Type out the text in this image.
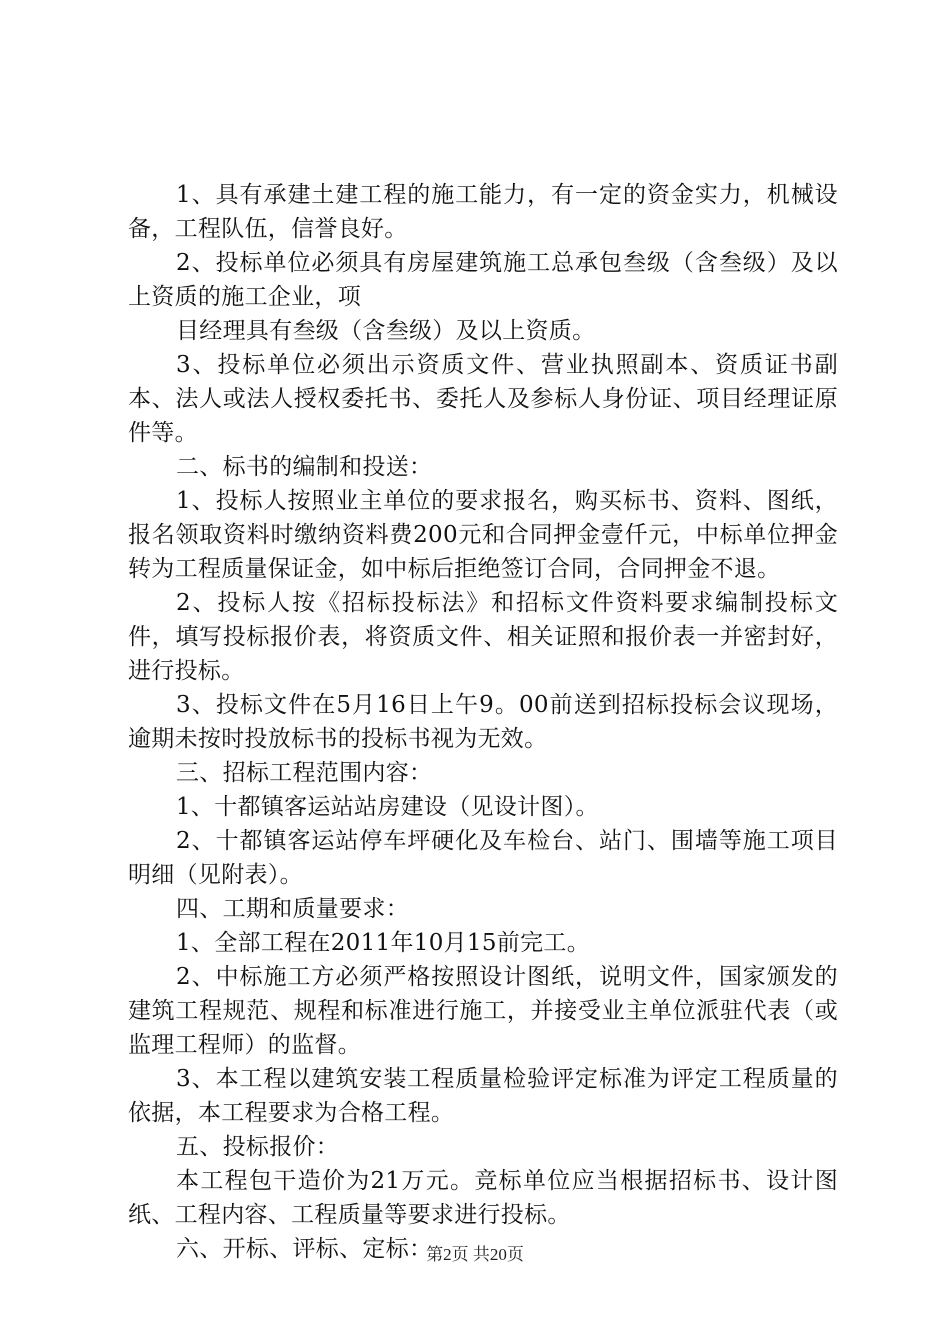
1、具有承建土建工程的施工能力，有一定的资金实力，机械设备，工程队伍，信誉良好。

2、投标单位必须具有房屋建筑施工总承包叁级（含叁级）及以上资质的施工企业，项

目经理具有叁级（含叁级）及以上资质。

3、投标单位必须出示资质文件、营业执照副本、资质证书副本、法人或法人授权委托书、委托人及参标人身份证、项目经理证原件等。

二、标书的编制和投送：

1、投标人按照业主单位的要求报名，购买标书、资料、图纸，报名领取资料时缴纳资料费200元和合同押金壹仟元，中标单位押金转为工程质量保证金，如中标后拒绝签订合同，合同押金不退。

2、投标人按《招标投标法》和招标文件资料要求编制投标文件，填写投标报价表，将资质文件、相关证照和报价表一并密封好，进行投标。

3、投标文件在5月16日上午9。00前送到招标投标会议现场，逾期未按时投放标书的投标书视为无效。

三、招标工程范围内容：

1、十都镇客运站站房建设（见设计图）。

2、十都镇客运站停车坪硬化及车检台、站门、围墙等施工项目明细（见附表）。

四、工期和质量要求：

1、全部工程在2011年10月15前完工。

2、中标施工方必须严格按照设计图纸，说明文件，国家颁发的建筑工程规范、规程和标准进行施工，并接受业主单位派驻代表（或监理工程师）的监督。

3、本工程以建筑安装工程质量检验评定标准为评定工程质量的依据，本工程要求为合格工程。

五、投标报价：

本工程包干造价为21万元。竞标单位应当根据招标书、设计图纸、工程内容、工程质量等要求进行投标。

六、开标、评标、定标：

第2页 共20页
